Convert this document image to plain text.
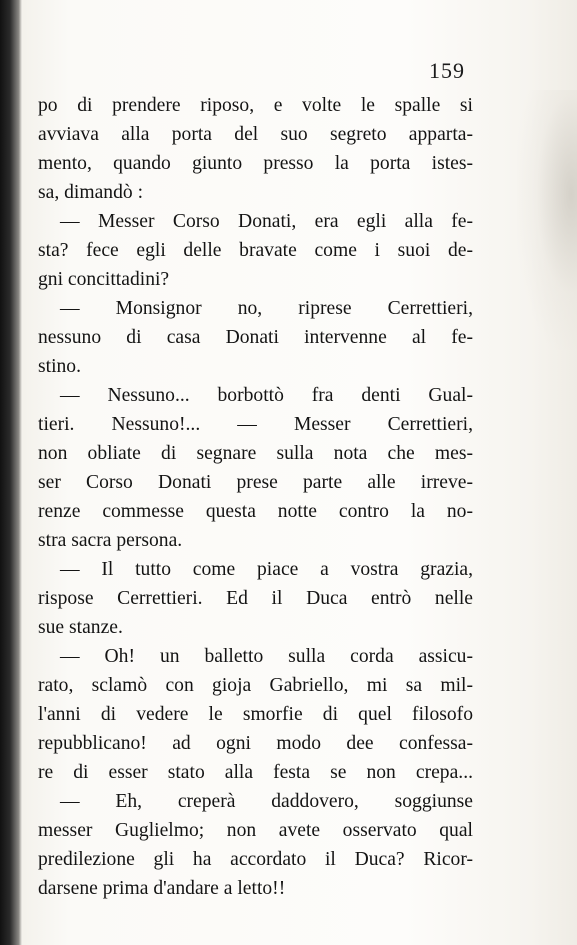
159
po di prendere riposo, e volte le spalle si
avviava alla porta del suo segreto apparta-
mento, quando giunto presso la porta istes-
sa, dimandò :
— Messer Corso Donati, era egli alla fe-
sta? fece egli delle bravate come i suoi de-
gni concittadini?
— Monsignor no, riprese Cerrettieri,
nessuno di casa Donati intervenne al fe-
stino.
— Nessuno... borbottò fra denti Gual-
tieri. Nessuno!... — Messer Cerrettieri,
non obliate di segnare sulla nota che mes-
ser Corso Donati prese parte alle irreve-
renze commesse questa notte contro la no-
stra sacra persona.
— Il tutto come piace a vostra grazia,
rispose Cerrettieri. Ed il Duca entrò nelle
sue stanze.
— Oh! un balletto sulla corda assicu-
rato, sclamò con gioja Gabriello, mi sa mil-
l'anni di vedere le smorfie di quel filosofo
repubblicano! ad ogni modo dee confessa-
re di esser stato alla festa se non crepa...
— Eh, creperà daddovero, soggiunse
messer Guglielmo; non avete osservato qual
predilezione gli ha accordato il Duca? Ricor-
darsene prima d'andare a letto!!
